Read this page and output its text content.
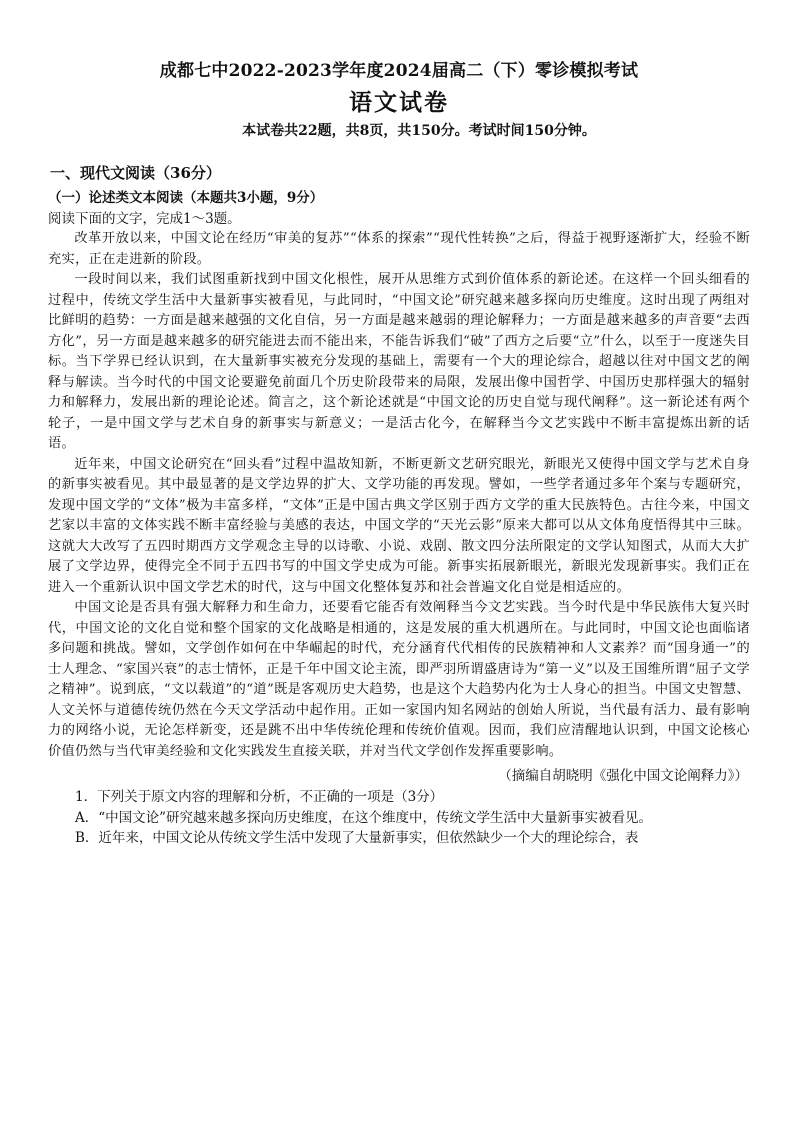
成都七中2022-2023学年度2024届高二（下）零诊模拟考试
语文试卷
本试卷共22题，共8页，共150分。考试时间150分钟。
一、现代文阅读（36分）
（一）论述类文本阅读（本题共3小题，9分）
阅读下面的文字，完成1～3题。

改革开放以来，中国文论在经历“审美的复苏”“体系的探索”“现代性转换”之后，得益于视野逐渐扩大，经验不断充实，正在走进新的阶段。

一段时间以来，我们试图重新找到中国文化根性，展开从思维方式到价值体系的新论述。在这样一个回头细看的过程中，传统文学生活中大量新事实被看见，与此同时，“中国文论”研究越来越多探向历史维度。这时出现了两组对比鲜明的趋势：一方面是越来越强的文化自信，另一方面是越来越弱的理论解释力；一方面是越来越多的声音要“去西方化”，另一方面是越来越多的研究能进去而不能出来，不能告诉我们“破”了西方之后要“立”什么，以至于一度迷失目标。当下学界已经认识到，在大量新事实被充分发现的基础上，需要有一个大的理论综合，超越以往对中国文艺的阐释与解读。当今时代的中国文论要避免前面几个历史阶段带来的局限，发展出像中国哲学、中国历史那样强大的辐射力和解释力，发展出新的理论论述。简言之，这个新论述就是“中国文论的历史自觉与现代阐释”。这一新论述有两个轮子，一是中国文学与艺术自身的新事实与新意义；一是活古化今，在解释当今文艺实践中不断丰富提炼出新的话语。

近年来，中国文论研究在“回头看”过程中温故知新，不断更新文艺研究眼光，新眼光又使得中国文学与艺术自身的新事实被看见。其中最显著的是文学边界的扩大、文学功能的再发现。譬如，一些学者通过多年个案与专题研究，发现中国文学的“文体”极为丰富多样，“文体”正是中国古典文学区别于西方文学的重大民族特色。古往今来，中国文艺家以丰富的文体实践不断丰富经验与美感的表达，中国文学的“天光云影”原来大都可以从文体角度悟得其中三昧。这就大大改写了五四时期西方文学观念主导的以诗歌、小说、戏剧、散文四分法所限定的文学认知图式，从而大大扩展了文学边界，使得完全不同于五四书写的中国文学史成为可能。新事实拓展新眼光，新眼光发现新事实。我们正在进入一个重新认识中国文学艺术的时代，这与中国文化整体复苏和社会普遍文化自觉是相适应的。

中国文论是否具有强大解释力和生命力，还要看它能否有效阐释当今文艺实践。当今时代是中华民族伟大复兴时代，中国文论的文化自觉和整个国家的文化战略是相通的，这是发展的重大机遇所在。与此同时，中国文论也面临诸多问题和挑战。譬如，文学创作如何在中华崛起的时代，充分涵育代代相传的民族精神和人文素养？而“国身通一”的士人理念、“家国兴衰”的志士情怀，正是千年中国文论主流，即严羽所谓盛唐诗为“第一义”以及王国维所谓“屈子文学之精神”。说到底，“文以载道”的“道”既是客观历史大趋势，也是这个大趋势内化为士人身心的担当。中国文史智慧、人文关怀与道德传统仍然在今天文学活动中起作用。正如一家国内知名网站的创始人所说，当代最有活力、最有影响力的网络小说，无论怎样新变，还是跳不出中华传统伦理和传统价值观。因而，我们应清醒地认识到，中国文论核心价值仍然与当代审美经验和文化实践发生直接关联，并对当代文学创作发挥重要影响。

（摘编自胡晓明《强化中国文论阐释力》）
1．下列关于原文内容的理解和分析，不正确的一项是（3分）
A．“中国文论”研究越来越多探向历史维度，在这个维度中，传统文学生活中大量新事实被看见。
B．近年来，中国文论从传统文学生活中发现了大量新事实，但依然缺少一个大的理论综合，表
